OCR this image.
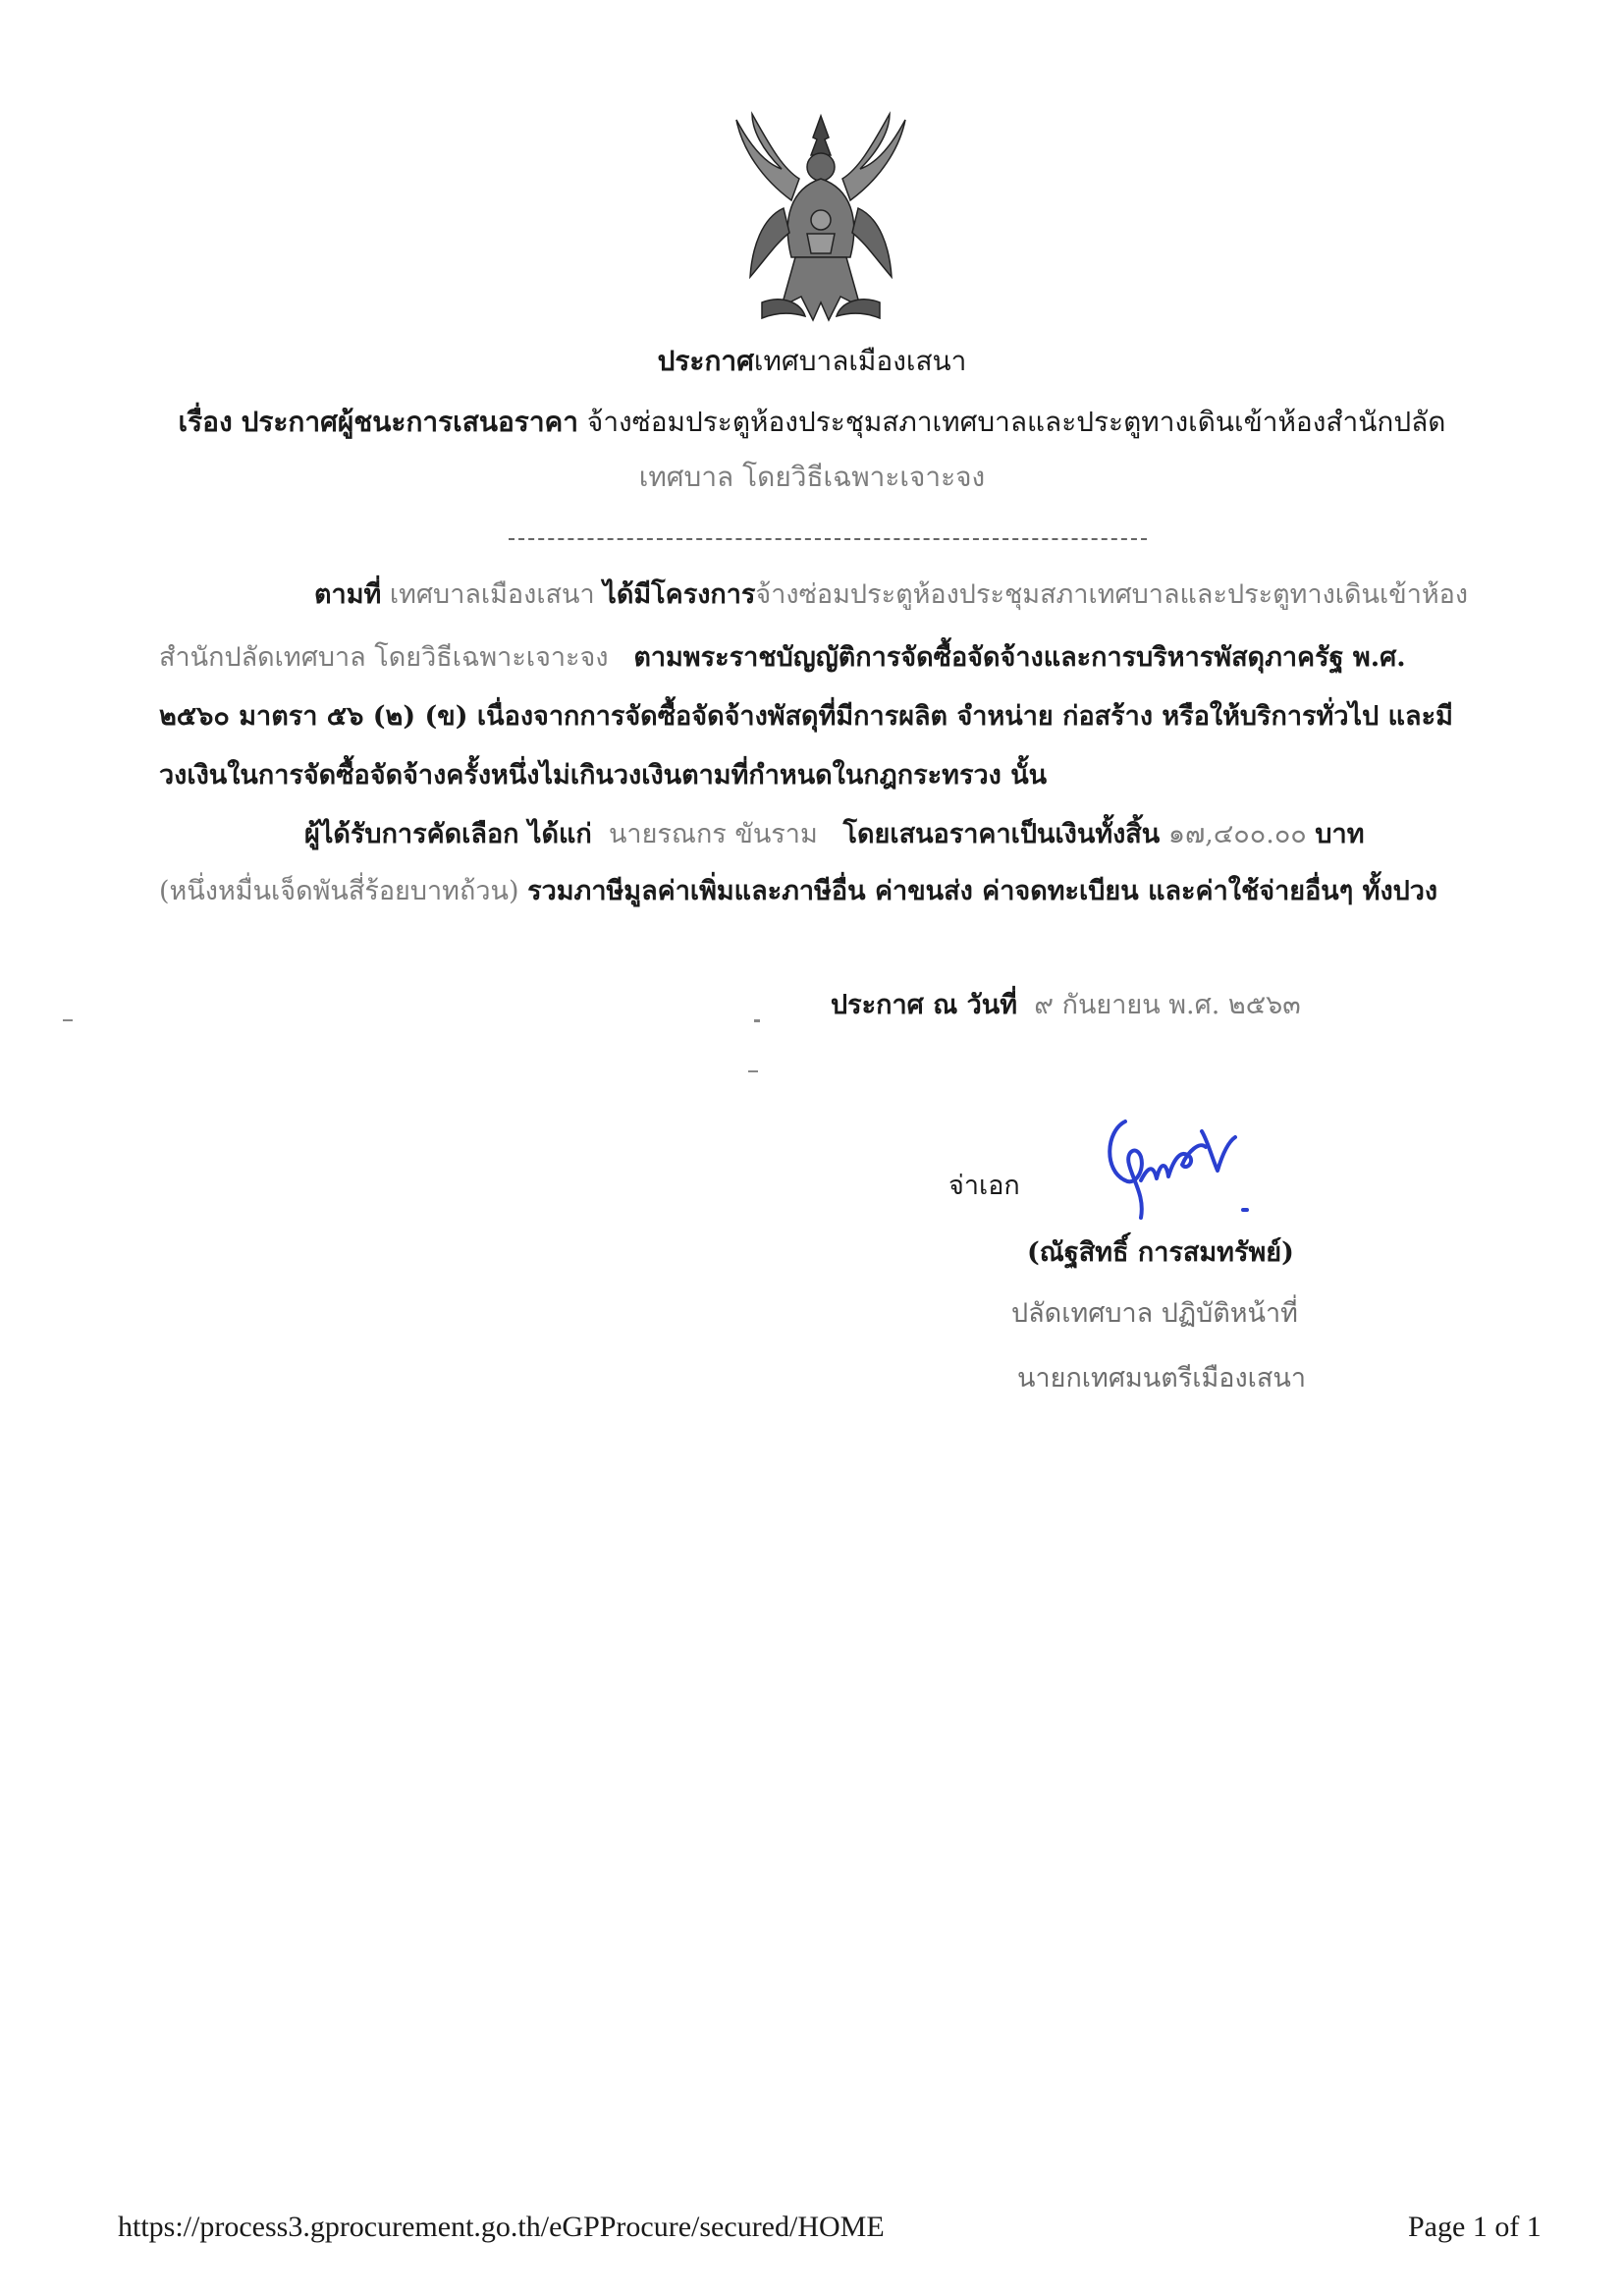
ประกาศเทศบาลเมืองเสนา
เรื่อง ประกาศผู้ชนะการเสนอราคา จ้างซ่อมประตูห้องประชุมสภาเทศบาลและประตูทางเดินเข้าห้องสำนักปลัด
เทศบาล โดยวิธีเฉพาะเจาะจง
ตามที่ เทศบาลเมืองเสนา ได้มีโครงการจ้างซ่อมประตูห้องประชุมสภาเทศบาลและประตูทางเดินเข้าห้อง
สำนักปลัดเทศบาล โดยวิธีเฉพาะเจาะจง ตามพระราชบัญญัติการจัดซื้อจัดจ้างและการบริหารพัสดุภาครัฐ พ.ศ.
๒๕๖๐ มาตรา ๕๖ (๒) (ข) เนื่องจากการจัดซื้อจัดจ้างพัสดุที่มีการผลิต จำหน่าย ก่อสร้าง หรือให้บริการทั่วไป และมี
วงเงินในการจัดซื้อจัดจ้างครั้งหนึ่งไม่เกินวงเงินตามที่กำหนดในกฎกระทรวง นั้น
ผู้ได้รับการคัดเลือก ได้แก่ นายรณกร ขันราม โดยเสนอราคาเป็นเงินทั้งสิ้น ๑๗,๔๐๐.๐๐ บาท
(หนึ่งหมื่นเจ็ดพันสี่ร้อยบาทถ้วน) รวมภาษีมูลค่าเพิ่มและภาษีอื่น ค่าขนส่ง ค่าจดทะเบียน และค่าใช้จ่ายอื่นๆ ทั้งปวง
ประกาศ ณ วันที่ ๙ กันยายน พ.ศ. ๒๕๖๓
จ่าเอก
(ณัฐสิทธิ์ การสมทรัพย์)
ปลัดเทศบาล ปฏิบัติหน้าที่
นายกเทศมนตรีเมืองเสนา
https://process3.gprocurement.go.th/eGPProcure/secured/HOME	Page 1 of 1
